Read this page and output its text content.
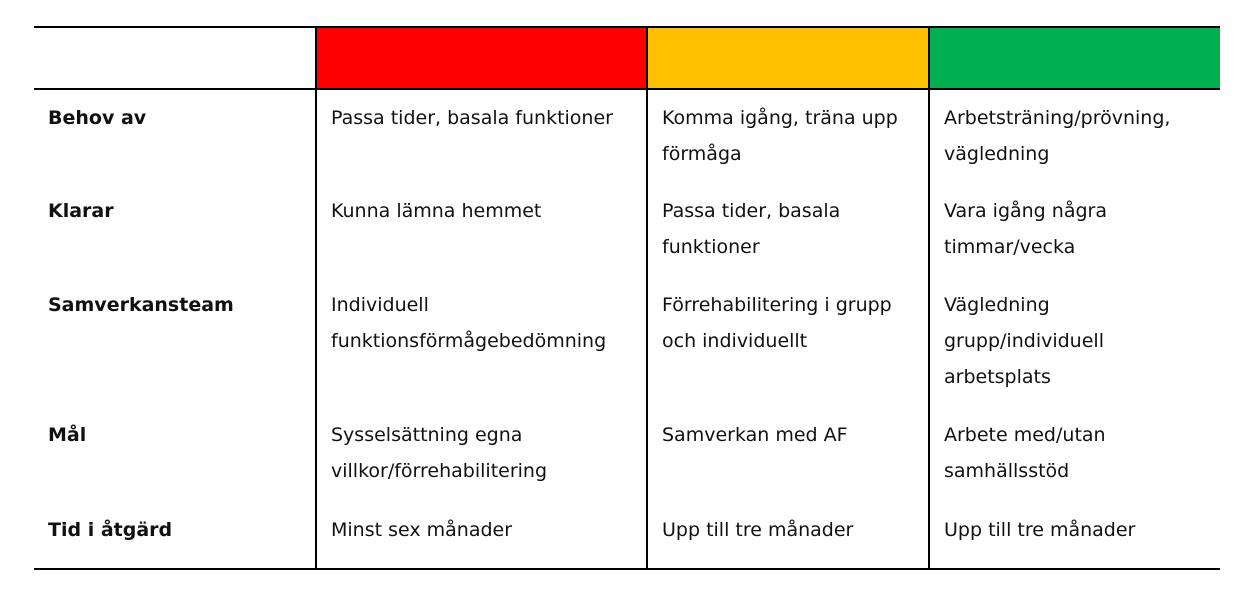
Behov av	Passa tider, basala funktioner	Komma igång, träna upp förmåga	Arbetsträning/prövning, vägledning
Klarar	Kunna lämna hemmet	Passa tider, basala funktioner	Vara igång några timmar/vecka
Samverkansteam	Individuell funktionsförmågebedömning	Förrehabilitering i grupp och individuellt	Vägledning grupp/individuell arbetsplats
Mål	Sysselsättning egna villkor/förrehabilitering	Samverkan med AF	Arbete med/utan samhällsstöd
Tid i åtgärd	Minst sex månader	Upp till tre månader	Upp till tre månader
